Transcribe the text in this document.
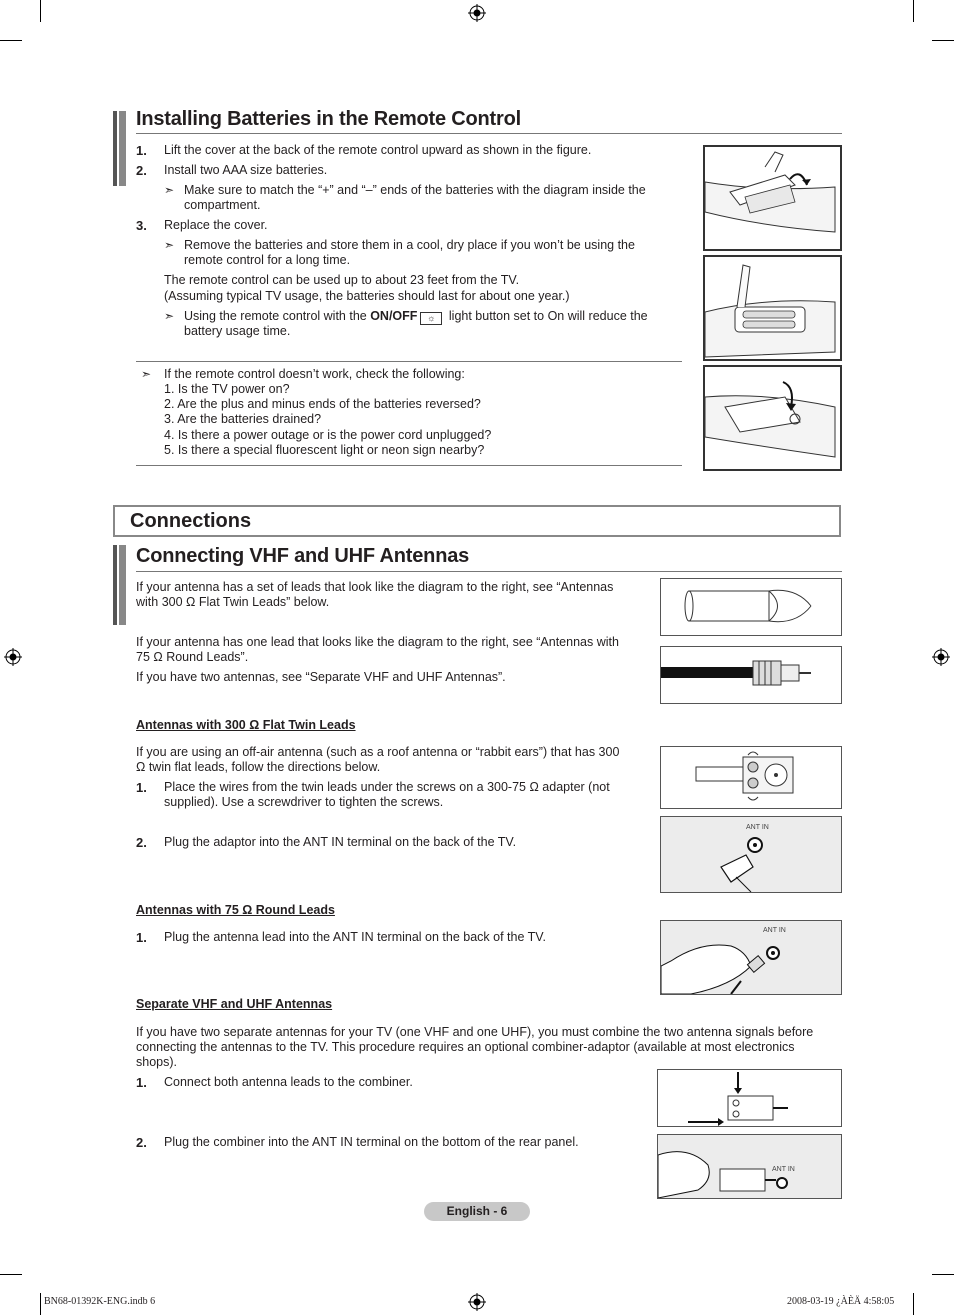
Installing Batteries in the Remote Control
1. Lift the cover at the back of the remote control upward as shown in the figure.

2. Install two AAA size batteries.

➣ Make sure to match the “+” and “–” ends of the batteries with the diagram inside the

compartment.

3. Replace the cover.

➣ Remove the batteries and store them in a cool, dry place if you won’t be using the

remote control for a long time.

The remote control can be used up to about 23 feet from the TV.

(Assuming typical TV usage, the batteries should last for about one year.)

➣ Using the remote control with the ON/OFF ☼ light button set to On will reduce the

battery usage time.

➣ If the remote control doesn’t work, check the following:

1. Is the TV power on?

2. Are the plus and minus ends of the batteries reversed?

3. Are the batteries drained?

4. Is there a power outage or is the power cord unplugged?

5. Is there a special fluorescent light or neon sign nearby?

Connections
Connecting VHF and UHF Antennas

If your antenna has a set of leads that look like the diagram to the right, see “Antennas

with 300 Ω Flat Twin Leads” below.

If your antenna has one lead that looks like the diagram to the right, see “Antennas with

75 Ω Round Leads”.

If you have two antennas, see “Separate VHF and UHF Antennas”.

Antennas with 300 Ω Flat Twin Leads

If you are using an off-air antenna (such as a roof antenna or “rabbit ears”) that has 300

Ω twin flat leads, follow the directions below.

1. Place the wires from the twin leads under the screws on a 300-75 Ω adapter (not

supplied). Use a screwdriver to tighten the screws.

2. Plug the adaptor into the ANT IN terminal on the back of the TV.

ANT IN
Antennas with 75 Ω Round Leads
1. Plug the antenna lead into the ANT IN terminal on the back of the TV.	ANT IN
Separate VHF and UHF Antennas

If you have two separate antennas for your TV (one VHF and one UHF), you must combine the two antenna signals before

connecting the antennas to the TV. This procedure requires an optional combiner-adaptor (available at most electronics

shops).

1. Connect both antenna leads to the combiner.

2. Plug the combiner into the ANT IN terminal on the bottom of the rear panel.

ANT IN
English - 6
BN68-01392K-ENG.indb 6	2008-03-19 ¿ÀÈÄ 4:58:05
